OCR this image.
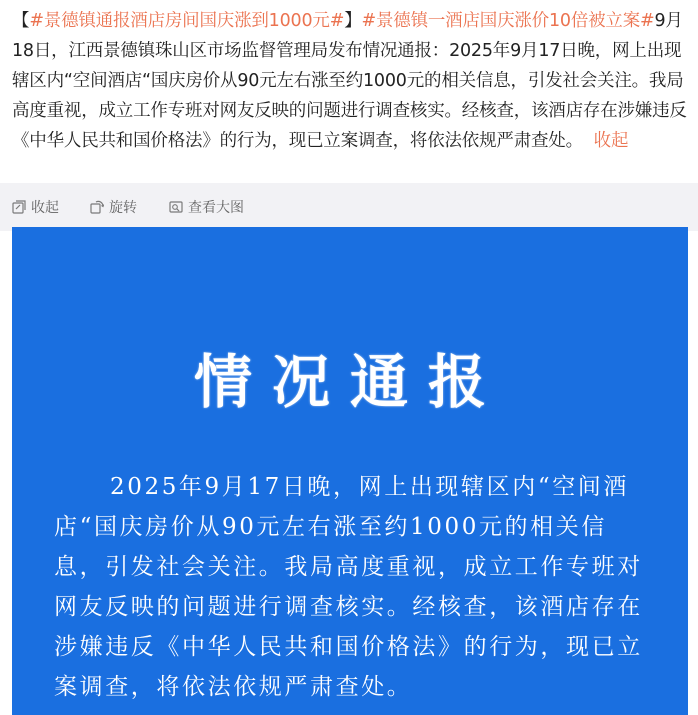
【#景德镇通报酒店房间国庆涨到1000元#】#景德镇一酒店国庆涨价10倍被立案#9月18日，江西景德镇珠山区市场监督管理局发布情况通报：2025年9月17日晚，网上出现辖区内“空间酒店“国庆房价从90元左右涨至约1000元的相关信息，引发社会关注。我局高度重视，成立工作专班对网友反映的问题进行调查核实。经核查，该酒店存在涉嫌违反《中华人民共和国价格法》的行为，现已立案调查，将依法依规严肃查处。 收起
收起	旋转	查看大图
情况通报
2025年9月17日晚，网上出现辖区内“空间酒店“国庆房价从90元左右涨至约1000元的相关信息，引发社会关注。我局高度重视，成立工作专班对网友反映的问题进行调查核实。经核查，该酒店存在涉嫌违反《中华人民共和国价格法》的行为，现已立案调查，将依法依规严肃查处。
